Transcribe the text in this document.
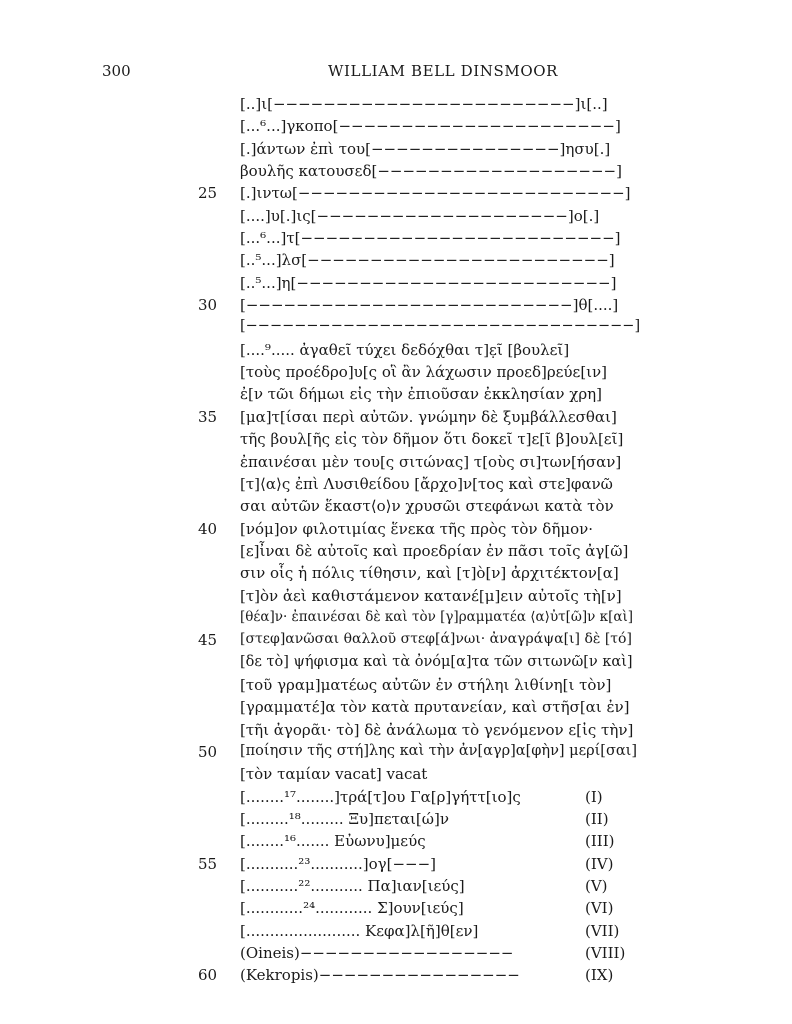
300	WILLIAM BELL DINSMOOR
[..]ι[−−−−−−−−−−−−−−−−−−−−−−−−]ι[..]
[...⁶...]γκοπο[−−−−−−−−−−−−−−−−−−−−−−]
[.]άντων ἐπὶ του[−−−−−−−−−−−−−−−]ησυ[.]
βουλῆς κατουσεδ[−−−−−−−−−−−−−−−−−−−]
25 [.]ιντω[−−−−−−−−−−−−−−−−−−−−−−−−−−]
[....]υ[.]ις[−−−−−−−−−−−−−−−−−−−−]ο[.]
[...⁶...]τ[−−−−−−−−−−−−−−−−−−−−−−−−−]
[..⁵...]λσ[−−−−−−−−−−−−−−−−−−−−−−−−]
[..⁵...]η[−−−−−−−−−−−−−−−−−−−−−−−−−]
30 [−−−−−−−−−−−−−−−−−−−−−−−−−−]θ[....]
[−−−−−−−−−−−−−−−−−−−−−−−−−−−−−−−−]
[....⁹..... ἀγαθεῖ τύχει δεδόχθαι τ]ε̣ῖ [βουλεῖ]
[τοὺς προέδρο]υ[ς οἳ ἂν λάχωσιν προεδ]ρεύε[ιν]
ἐ[ν τῶι δήμωι εἰς τὴν ἐπιοῦσαν ἐκκλησίαν χρη]
35 [μα]τ[ίσαι περὶ αὐτῶν. γνώμην δὲ ξυμβάλλεσθαι]
τῆς βουλ[ῆς εἰς τὸν δῆμον ὅτι δοκεῖ τ]ε[ῖ β]ουλ[εῖ]
ἐπαινέσαι μὲν του[ς σιτώνας] τ[οὺς σι]των[ήσαν]
[τ]⟨α⟩ς ἐπὶ Λυσιθείδου [ἄρχο]ν[τος καὶ στε]φανῶ
σαι αὐτῶν ἕκαστ⟨ο⟩ν χρυσῶι στεφάνωι κατὰ τὸν
40 [νόμ]ον φιλοτιμίας ἕνεκα τῆς πρὸς τὸν δῆμον·
[ε]ἶναι δὲ αὐτοῖς καὶ προεδρίαν ἐν πᾶσι τοῖς ἀγ[ῶ]
σιν οἷς ἡ πόλις τίθησιν, καὶ [τ]ὸ[ν] ἀρχιτέκτον[α]
[τ]ὸν ἀεὶ καθιστάμενον κατανέ[μ]ειν αὐτοῖς τὴ[ν]
[θέα]ν· ἐπαινέσαι δὲ καὶ τὸν [γ]ραμματέα ⟨α⟩ὐτ[ῶ]ν κ[αὶ]
45 [στεφ]ανῶσαι θαλλοῦ στεφ[ά]νωι· ἀναγράψα[ι] δὲ [τό]
[δε τὸ] ψήφισμα καὶ τὰ ὀνόμ[α]τα τῶν σιτωνῶ[ν καὶ]
[τοῦ γραμ]ματέως αὐτῶν ἐν στήληι λιθίνη[ι τὸν]
[γραμματέ]α τὸν κατὰ πρυτανείαν, καὶ στῆσ[αι ἐν]
[τῆι ἀγορᾶι· τὸ] δὲ ἀνάλωμα τὸ γενόμενον ε[ἰς τὴν]
50 [ποίησιν τῆς στή]λης καὶ τὴν ἀν[αγρ]α[φὴν] μερί[σαι]
[τὸν ταμίαν vacat] vacat
[........¹⁷........]τρά[τ]ου Γα[ρ]γήττ[ιο]ς	(I)
[.........¹⁸......... Ξυ]πεται[ώ]ν	(II)
[........¹⁶....... Εὐωνυ]μεύς	(III)
55 [...........²³...........]ογ[−−−]	(IV)
[...........²²........... Πα]ιαν[ιεύς]	(V)
[............²⁴............ Σ]ουν[ιεύς]	(VI)
[........................ Κεφα]λ[ῆ]θ[εν]	(VII)
(Oineis)−−−−−−−−−−−−−−−−−	(VIII)
60 (Kekropis)−−−−−−−−−−−−−−−−	(IX)
